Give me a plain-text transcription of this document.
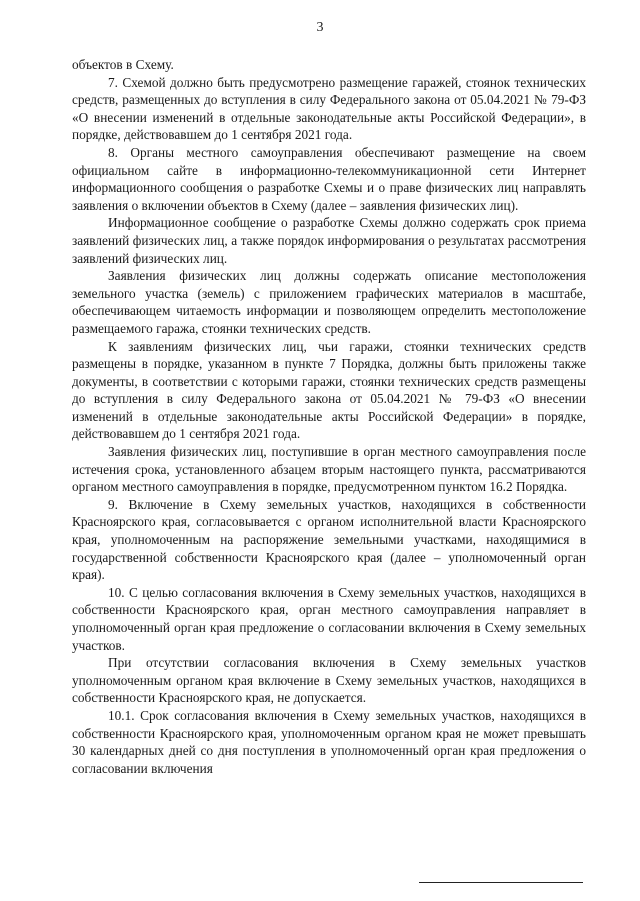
3

объектов в Схему.

7. Схемой должно быть предусмотрено размещение гаражей, стоянок технических средств, размещенных до вступления в силу Федерального закона от 05.04.2021 № 79-ФЗ «О внесении изменений в отдельные законодательные акты Российской Федерации», в порядке, действовавшем до 1 сентября 2021 года.

8. Органы местного самоуправления обеспечивают размещение на своем официальном сайте в информационно-телекоммуникационной сети Интернет информационного сообщения о разработке Схемы и о праве физических лиц направлять заявления о включении объектов в Схему (далее – заявления физических лиц).

Информационное сообщение о разработке Схемы должно содержать срок приема заявлений физических лиц, а также порядок информирования о результатах рассмотрения заявлений физических лиц.

Заявления физических лиц должны содержать описание местоположения земельного участка (земель) с приложением графических материалов в масштабе, обеспечивающем читаемость информации и позволяющем определить местоположение размещаемого гаража, стоянки технических средств.

К заявлениям физических лиц, чьи гаражи, стоянки технических средств размещены в порядке, указанном в пункте 7 Порядка, должны быть приложены также документы, в соответствии с которыми гаражи, стоянки технических средств размещены до вступления в силу Федерального закона от 05.04.2021 № 79-ФЗ «О внесении изменений в отдельные законодательные акты Российской Федерации» в порядке, действовавшем до 1 сентября 2021 года.

Заявления физических лиц, поступившие в орган местного самоуправления после истечения срока, установленного абзацем вторым настоящего пункта, рассматриваются органом местного самоуправления в порядке, предусмотренном пунктом 16.2 Порядка.

9. Включение в Схему земельных участков, находящихся в собственности Красноярского края, согласовывается с органом исполнительной власти Красноярского края, уполномоченным на распоряжение земельными участками, находящимися в государственной собственности Красноярского края (далее – уполномоченный орган края).

10. С целью согласования включения в Схему земельных участков, находящихся в собственности Красноярского края, орган местного самоуправления направляет в уполномоченный орган края предложение о согласовании включения в Схему земельных участков.

При отсутствии согласования включения в Схему земельных участков уполномоченным органом края включение в Схему земельных участков, находящихся в собственности Красноярского края, не допускается.

10.1. Срок согласования включения в Схему земельных участков, находящихся в собственности Красноярского края, уполномоченным органом края не может превышать 30 календарных дней со дня поступления в уполномоченный орган края предложения о согласовании включения
